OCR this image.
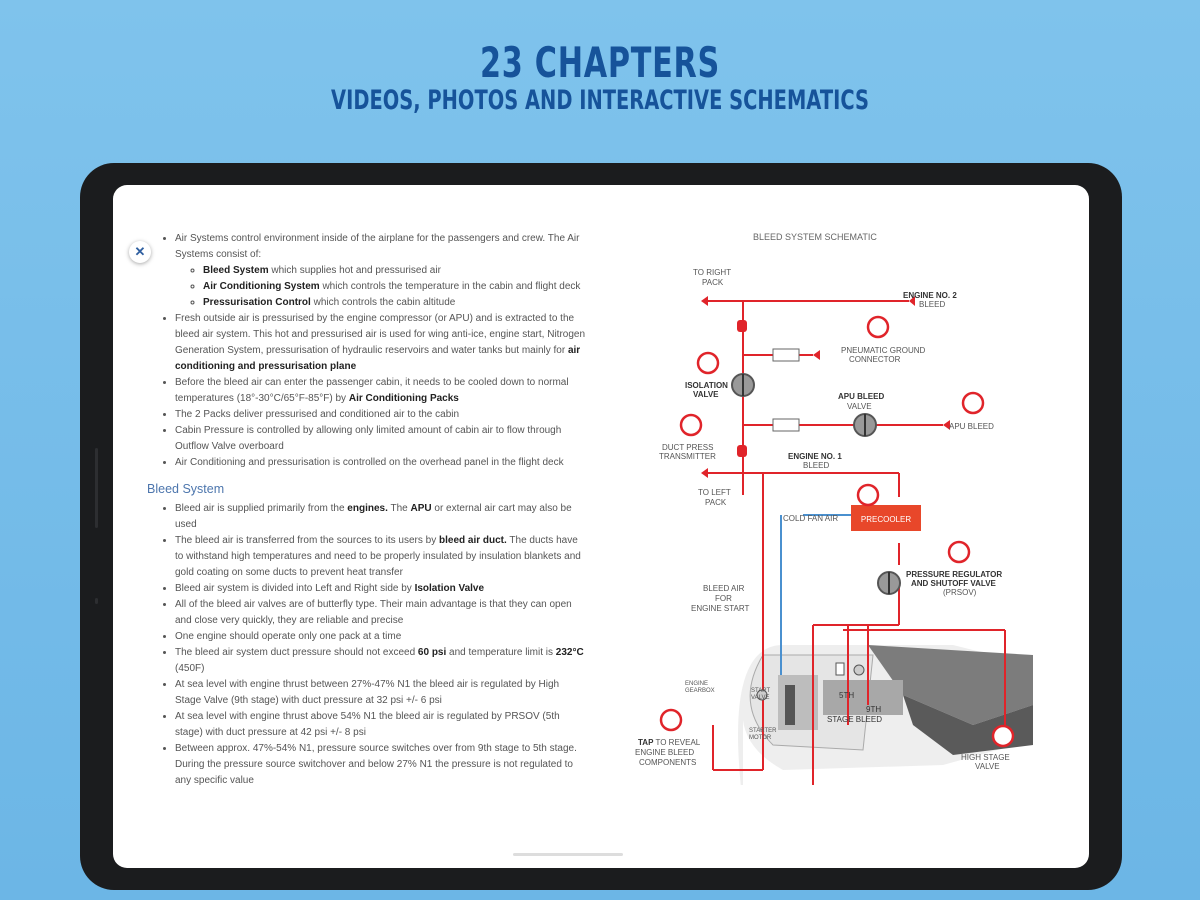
23 CHAPTERS
VIDEOS, PHOTOS AND INTERACTIVE SCHEMATICS
✕
• Air Systems control environment inside of the airplane for the passengers and crew. The Air Systems consist of:
◦ Bleed System which supplies hot and pressurised air
◦ Air Conditioning System which controls the temperature in the cabin and flight deck
◦ Pressurisation Control which controls the cabin altitude
• Fresh outside air is pressurised by the engine compressor (or APU) and is extracted to the bleed air system. This hot and pressurised air is used for wing anti-ice, engine start, Nitrogen Generation System, pressurisation of hydraulic reservoirs and water tanks but mainly for air conditioning and pressurisation plane
• Before the bleed air can enter the passenger cabin, it needs to be cooled down to normal temperatures (18°-30°C/65°F-85°F) by Air Conditioning Packs
• The 2 Packs deliver pressurised and conditioned air to the cabin
• Cabin Pressure is controlled by allowing only limited amount of cabin air to flow through Outflow Valve overboard
• Air Conditioning and pressurisation is controlled on the overhead panel in the flight deck
Bleed System
• Bleed air is supplied primarily from the engines. The APU or external air cart may also be used
• The bleed air is transferred from the sources to its users by bleed air duct. The ducts have to withstand high temperatures and need to be properly insulated by insulation blankets and gold coating on some ducts to prevent heat transfer
• Bleed air system is divided into Left and Right side by Isolation Valve
• All of the bleed air valves are of butterfly type. Their main advantage is that they can open and close very quickly, they are reliable and precise
• One engine should operate only one pack at a time
• The bleed air system duct pressure should not exceed 60 psi and temperature limit is 232°C (450F)
• At sea level with engine thrust between 27%-47% N1 the bleed air is regulated by High Stage Valve (9th stage) with duct pressure at 32 psi +/- 6 psi
• At sea level with engine thrust above 54% N1 the bleed air is regulated by PRSOV (5th stage) with duct pressure at 42 psi +/- 8 psi
• Between approx. 47%-54% N1, pressure source switches over from 9th stage to 5th stage. During the pressure source switchover and below 27% N1 the pressure is not regulated to any specific value
BLEED SYSTEM SCHEMATIC
PRECOOLER
TO RIGHT
PACK
ENGINE NO. 2
BLEED
PNEUMATIC GROUND
CONNECTOR
ISOLATION
VALVE	APU BLEED
VALVE
APU BLEED
DUCT PRESS
TRANSMITTER	ENGINE NO. 1
BLEED
TO LEFT
PACK
COLD FAN AIR
PRESSURE REGULATOR
AND SHUTOFF VALVE
(PRSOV)
BLEED AIR
FOR
ENGINE START
ENGINE
GEARBOX	START
VALVE
STARTER
MOTOR
5TH
9TH
STAGE BLEED
TAP TO REVEAL
ENGINE BLEED
COMPONENTS
HIGH STAGE
VALVE
